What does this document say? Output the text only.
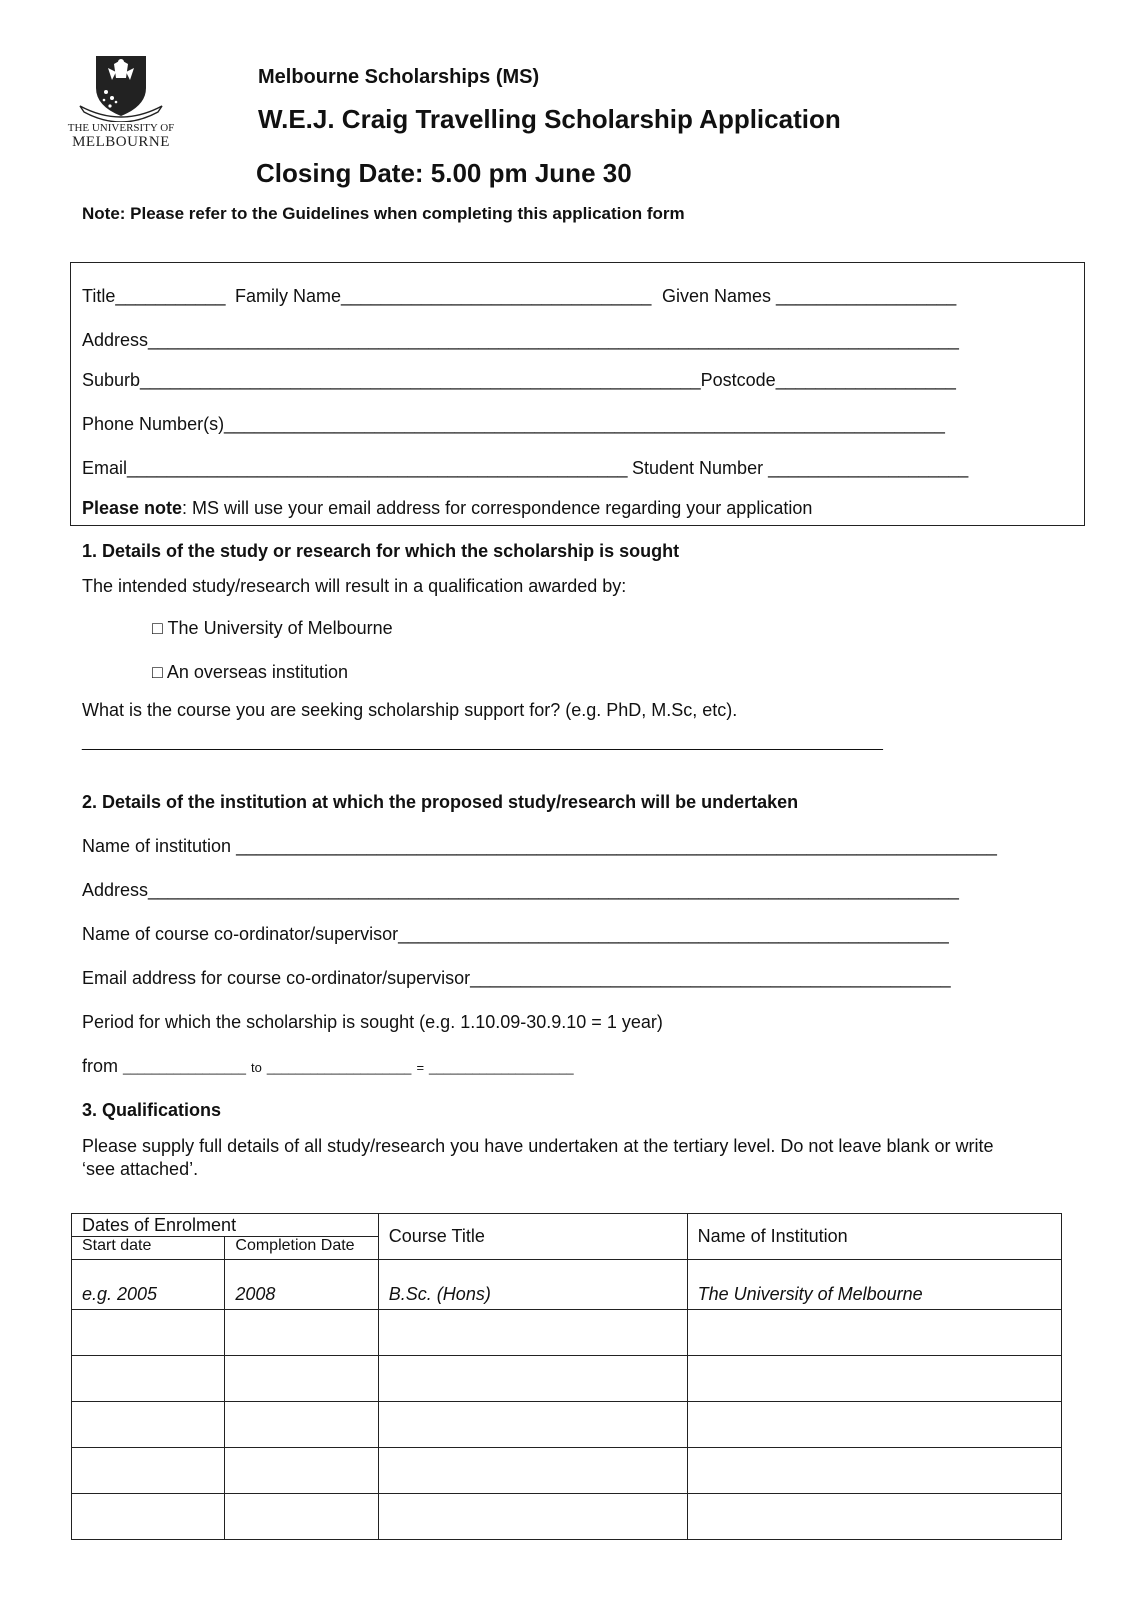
THE UNIVERSITY OF
MELBOURNE
Melbourne Scholarships (MS)
W.E.J. Craig Travelling Scholarship Application
Closing Date: 5.00 pm June 30
Note: Please refer to the Guidelines when completing this application form
Title___________ Family Name_______________________________ Given Names __________________
Address_________________________________________________________________________________
Suburb________________________________________________________Postcode__________________
Phone Number(s)________________________________________________________________________
Email__________________________________________________ Student Number ____________________
Please note: MS will use your email address for correspondence regarding your application
1. Details of the study or research for which the scholarship is sought
The intended study/research will result in a qualification awarded by:
□ The University of Melbourne
□ An overseas institution
What is the course you are seeking scholarship support for? (e.g. PhD, M.Sc, etc).
__________________________________________________________________________________________
2. Details of the institution at which the proposed study/research will be undertaken
Name of institution ____________________________________________________________________________
Address_________________________________________________________________________________
Name of course co-ordinator/supervisor_______________________________________________________
Email address for course co-ordinator/supervisor________________________________________________
Period for which the scholarship is sought (e.g. 1.10.09-30.9.10 = 1 year)
from _________________ to ____________________ = ____________________
3. Qualifications
Please supply full details of all study/research you have undertaken at the tertiary level. Do not leave blank or write
‘see attached’.
Dates of Enrolment		Course Title	Name of Institution
Start date	Completion Date		
e.g. 2005	2008	B.Sc. (Hons)	The University of Melbourne
